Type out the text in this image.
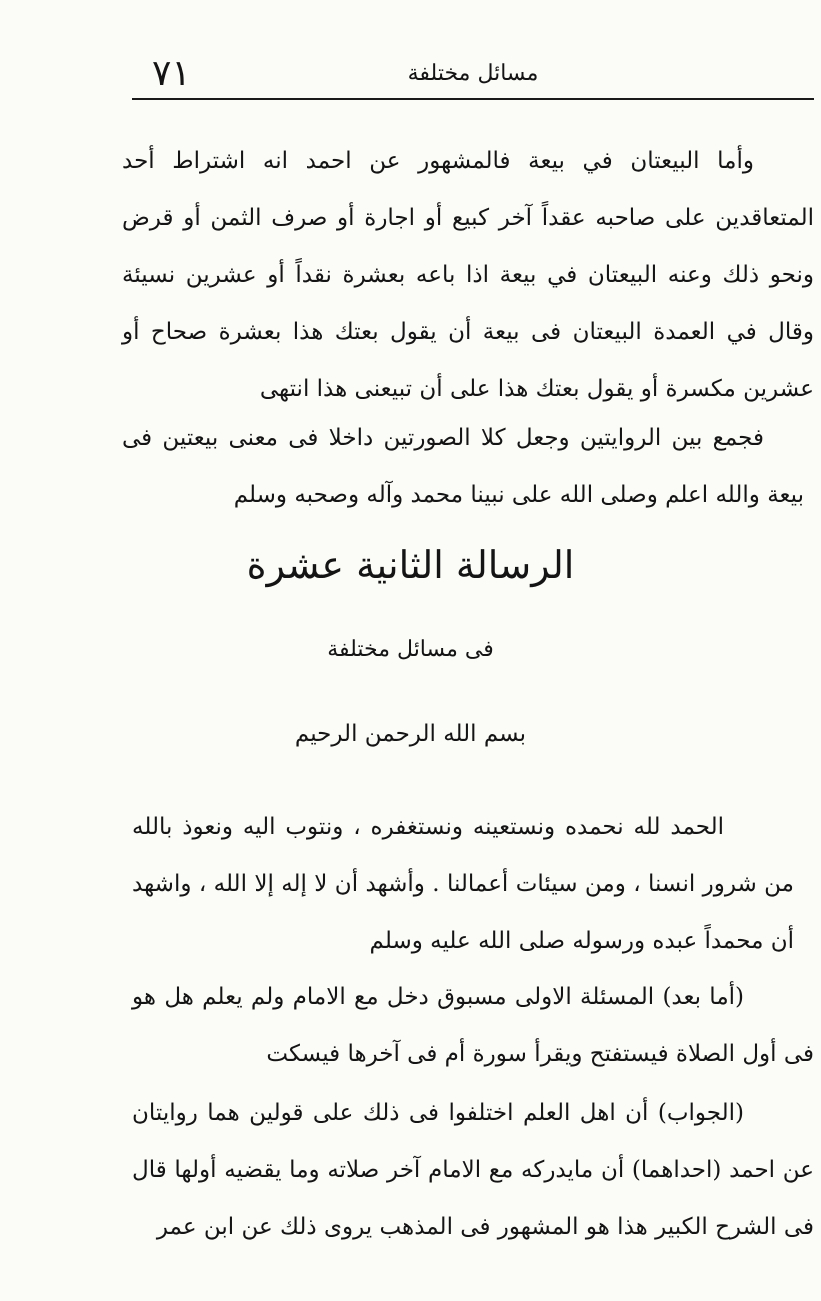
٧١	مسائل مختلفة

وأما البيعتان في بيعة فالمشهور عن احمد انه اشتراط أحد المتعاقدين على صاحبه عقداً آخر كبيع أو اجارة أو صرف الثمن أو قرض ونحو ذلك وعنه البيعتان في بيعة اذا باعه بعشرة نقداً أو عشرين نسيئة وقال في العمدة البيعتان فى بيعة أن يقول بعتك هذا بعشرة صحاح أو عشرين مكسرة أو يقول بعتك هذا على أن تبيعنى هذا انتهى

فجمع بين الروايتين وجعل كلا الصورتين داخلا فى معنى بيعتين فى بيعة والله اعلم وصلى الله على نبينا محمد وآله وصحبه وسلم

الرسالة الثانية عشرة
فى مسائل مختلفة
بسم الله الرحمن الرحيم

الحمد لله نحمده ونستعينه ونستغفره ، ونتوب اليه ونعوذ بالله من شرور انسنا ، ومن سيئات أعمالنا . وأشهد أن لا إله إلا الله ، واشهد أن محمداً عبده ورسوله صلى الله عليه وسلم

(أما بعد) المسئلة الاولى مسبوق دخل مع الامام ولم يعلم هل هو فى أول الصلاة فيستفتح ويقرأ سورة أم فى آخرها فيسكت

(الجواب) أن اهل العلم اختلفوا فى ذلك على قولين هما روايتان عن احمد (احداهما) أن مايدركه مع الامام آخر صلاته وما يقضيه أولها قال فى الشرح الكبير هذا هو المشهور فى المذهب يروى ذلك عن ابن عمر
